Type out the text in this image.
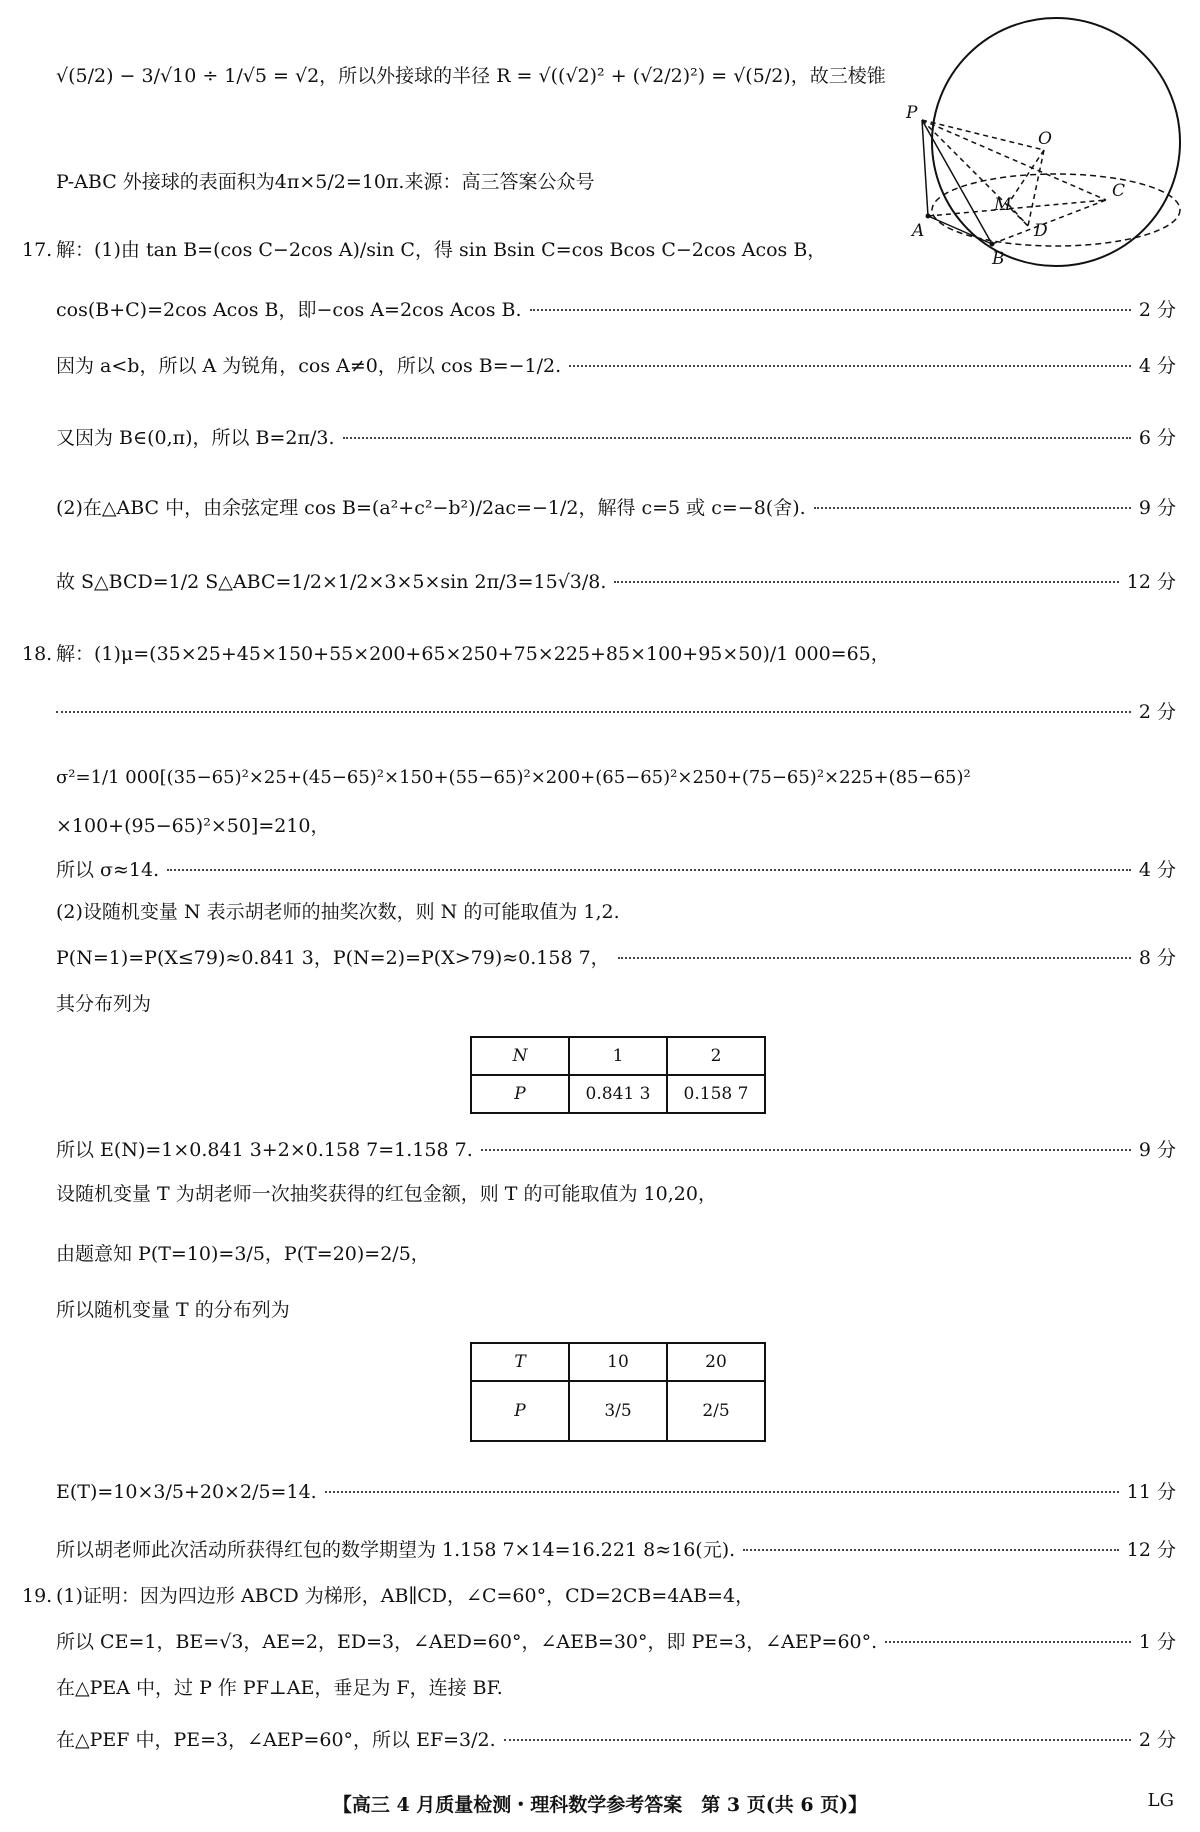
√(5/2) − 3/√10 ÷ 1/√5 = √2，所以外接球的半径 R = √((√2)² + (√2/2)²) = √(5/2)，故三棱锥
P-ABC 外接球的表面积为4π×5/2=10π.来源：高三答案公众号
P
O
C
M
A	D
B
17. 解：(1)由 tan B=(cos C−2cos A)/sin C，得 sin Bsin C=cos Bcos C−2cos Acos B，
cos(B+C)=2cos Acos B，即−cos A=2cos Acos B.	2 分
因为 a<b，所以 A 为锐角，cos A≠0，所以 cos B=−1/2.	4 分
又因为 B∈(0,π)，所以 B=2π/3.	6 分
(2)在△ABC 中，由余弦定理 cos B=(a²+c²−b²)/2ac=−1/2，解得 c=5 或 c=−8(舍).	9 分
故 S△BCD=1/2 S△ABC=1/2×1/2×3×5×sin 2π/3=15√3/8.	12 分
18. 解：(1)μ=(35×25+45×150+55×200+65×250+75×225+85×100+95×50)/1 000=65，
2 分
σ²=1/1 000[(35−65)²×25+(45−65)²×150+(55−65)²×200+(65−65)²×250+(75−65)²×225+(85−65)²
×100+(95−65)²×50]=210，
所以 σ≈14.	4 分
(2)设随机变量 N 表示胡老师的抽奖次数，则 N 的可能取值为 1,2.
P(N=1)=P(X≤79)≈0.841 3，P(N=2)=P(X>79)≈0.158 7，	8 分
其分布列为
N	1	2
P	0.841 3	0.158 7
所以 E(N)=1×0.841 3+2×0.158 7=1.158 7.	9 分
设随机变量 T 为胡老师一次抽奖获得的红包金额，则 T 的可能取值为 10,20，
由题意知 P(T=10)=3/5，P(T=20)=2/5，
所以随机变量 T 的分布列为
T	10	20
P	3/5	2/5
E(T)=10×3/5+20×2/5=14.	11 分
所以胡老师此次活动所获得红包的数学期望为 1.158 7×14=16.221 8≈16(元).	12 分
19. (1)证明：因为四边形 ABCD 为梯形，AB∥CD，∠C=60°，CD=2CB=4AB=4，
所以 CE=1，BE=√3，AE=2，ED=3，∠AED=60°，∠AEB=30°，即 PE=3，∠AEP=60°.	1 分
在△PEA 中，过 P 作 PF⊥AE，垂足为 F，连接 BF.
在△PEF 中，PE=3，∠AEP=60°，所以 EF=3/2.	2 分
【高三 4 月质量检测・理科数学参考答案　第 3 页(共 6 页)】	LG
